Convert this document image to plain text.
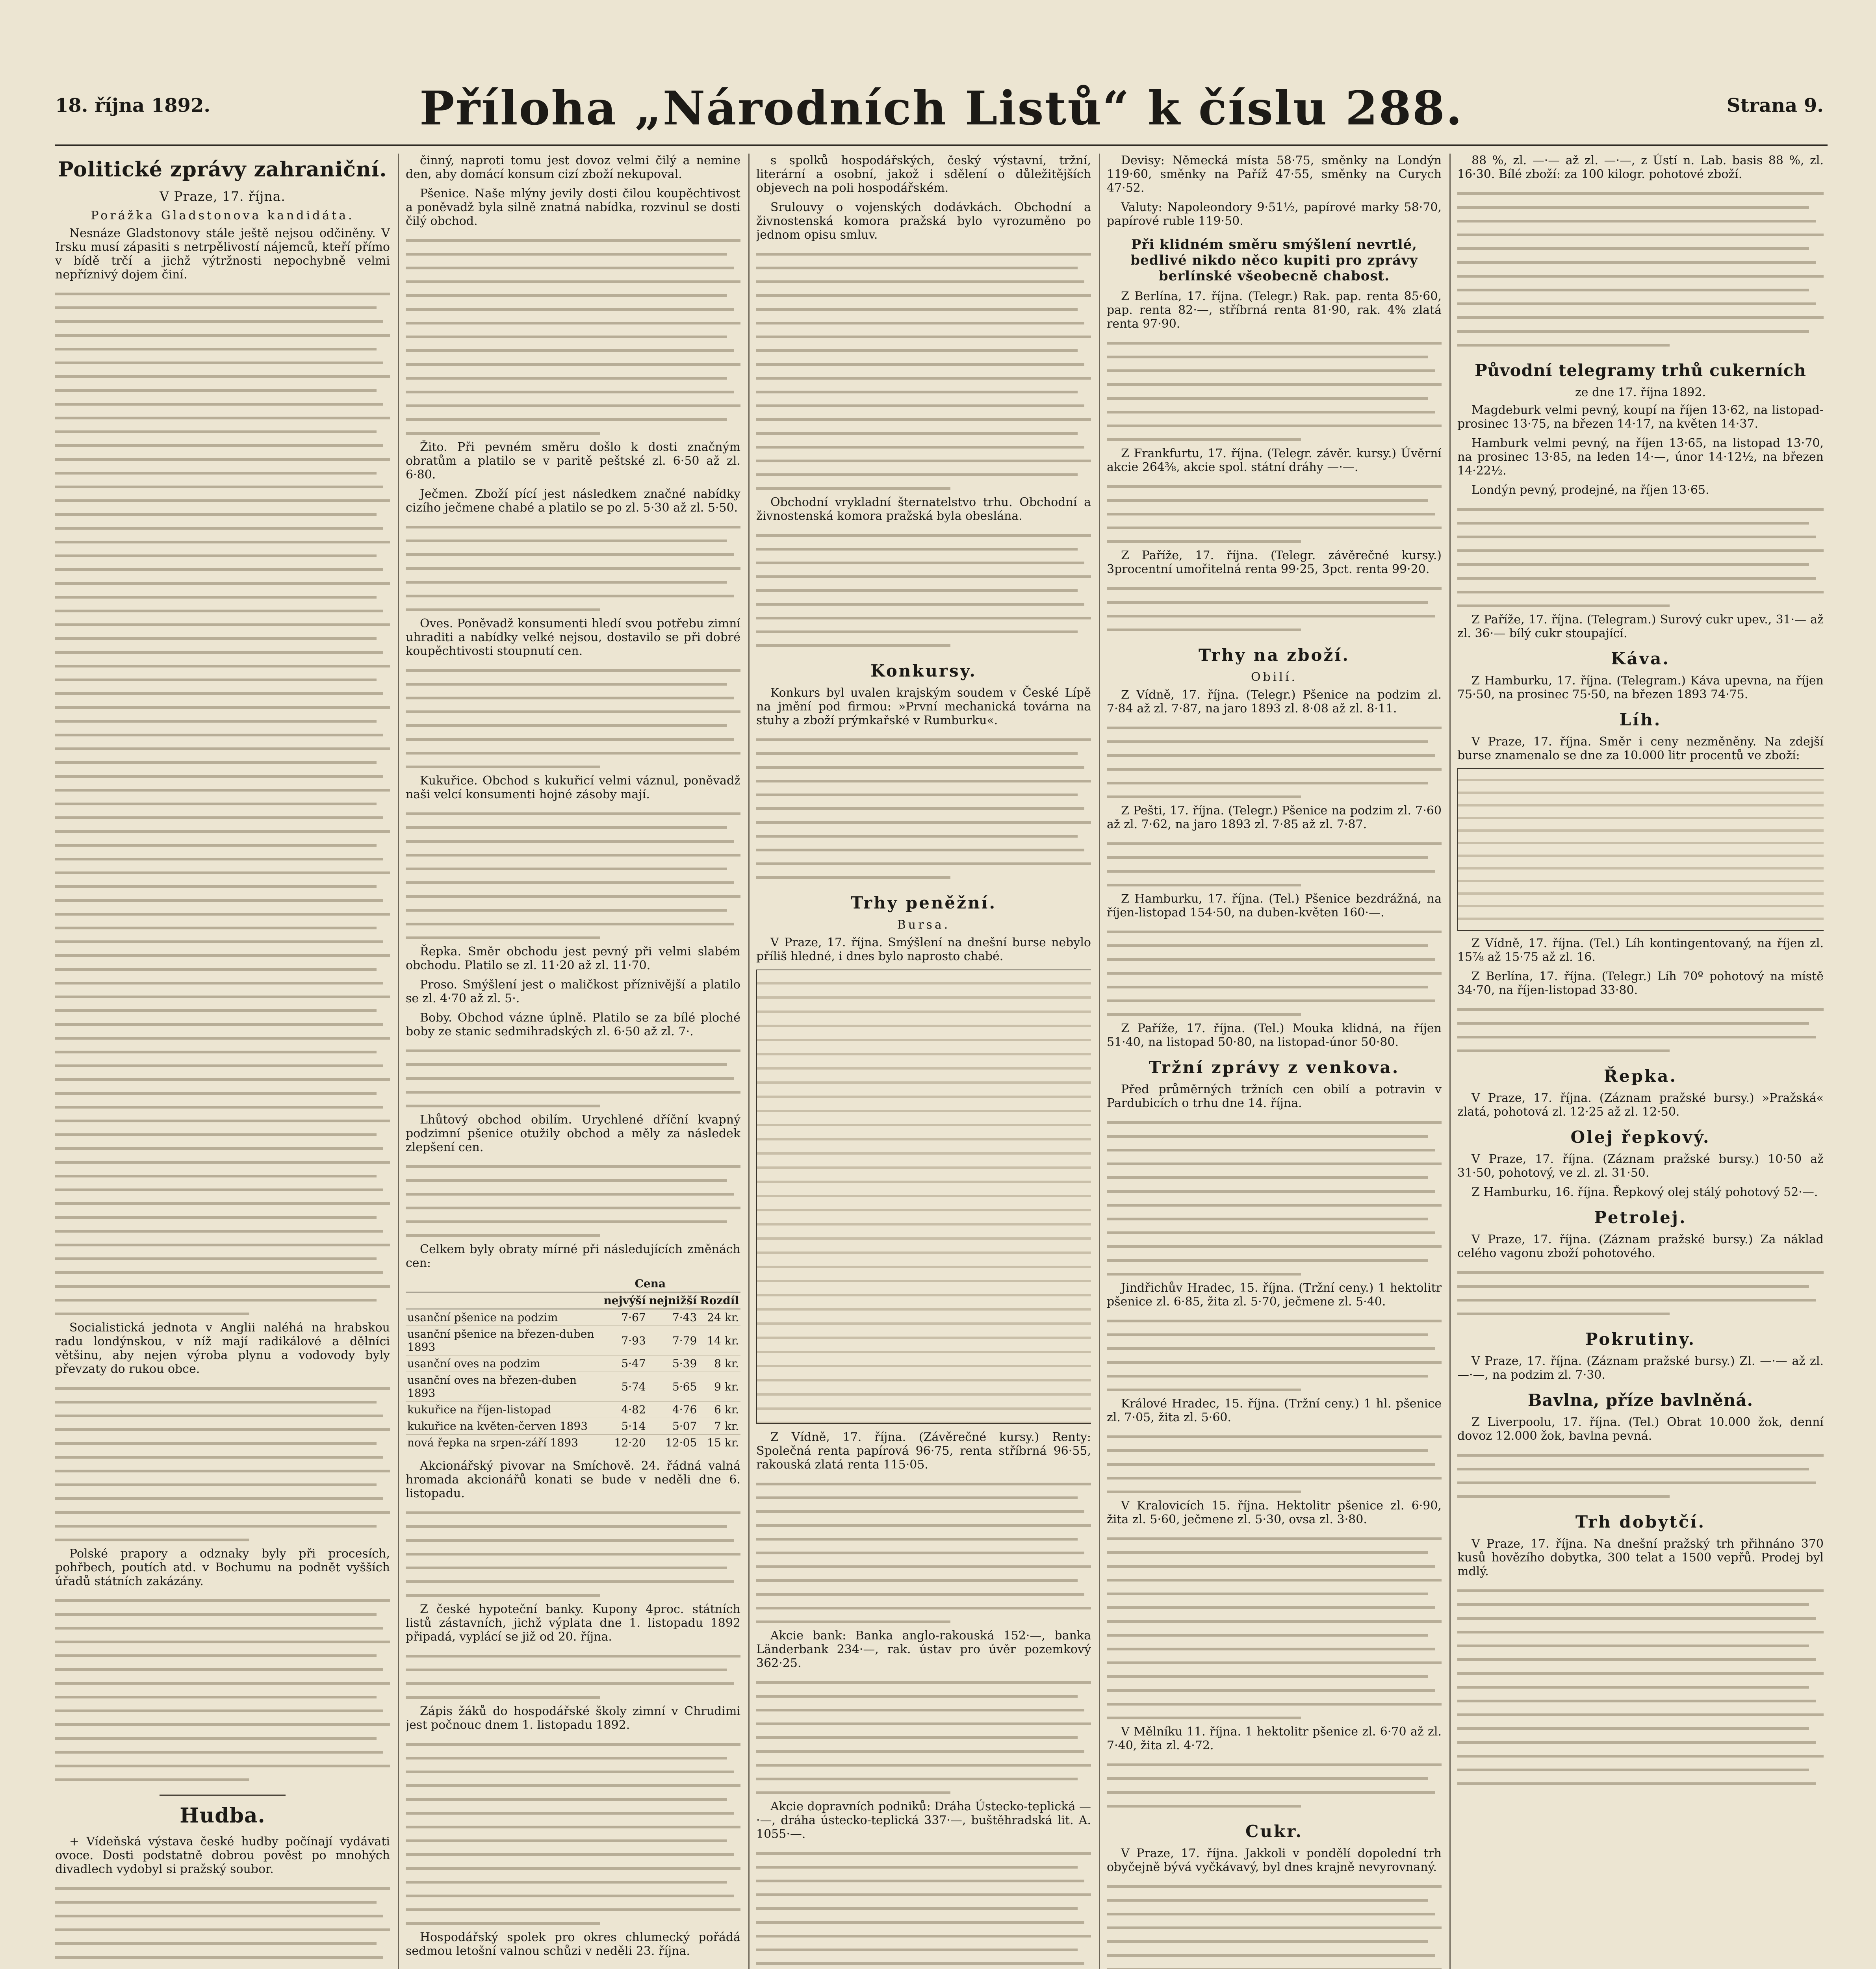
18. října 1892.	Příloha „Národních Listů“ k číslu 288.	Strana 9.
Politické zprávy zahraniční.
V Praze, 17. října.
Porážka Gladstonova kandidáta.

Nesnáze Gladstonovy stále ještě nejsou odčiněny. V Irsku musí zápasiti s netrpělivostí nájemců, kteří přímo v bídě trčí a jichž výtržnosti nepochybně velmi nepříznivý dojem činí.

Socialistická jednota v Anglii naléhá na hrabskou radu londýnskou, v níž mají radikálové a dělníci většinu, aby nejen výroba plynu a vodovody byly převzaty do rukou obce.

Polské prapory a odznaky byly při procesích, pohřbech, poutích atd. v Bochumu na podnět vyšších úřadů státních zakázány.

Hudba.

+ Vídeňská výstava české hudby počínají vydávati ovoce. Dosti podstatně dobrou pověst po mnohých divadlech vydobyl si pražský soubor.

činný, naproti tomu jest dovoz velmi čilý a nemine den, aby domácí konsum cizí zboží nekupoval.

Pšenice. Naše mlýny jevily dosti čilou koupěchtivost a poněvadž byla silně znatná nabídka, rozvinul se dosti čilý obchod.

Žito. Při pevném směru došlo k dosti značným obratům a platilo se v paritě peštské zl. 6·50 až zl. 6·80.

Ječmen. Zboží pící jest následkem značné nabídky cizího ječmene chabé a platilo se po zl. 5·30 až zl. 5·50.

Oves. Poněvadž konsumenti hledí svou potřebu zimní uhraditi a nabídky velké nejsou, dostavilo se při dobré koupěchtivosti stoupnutí cen.

Kukuřice. Obchod s kukuřicí velmi váznul, poněvadž naši velcí konsumenti hojné zásoby mají.

Řepka. Směr obchodu jest pevný při velmi slabém obchodu. Platilo se zl. 11·20 až zl. 11·70.

Proso. Smýšlení jest o maličkost příznivější a platilo se zl. 4·70 až zl. 5·.

Boby. Obchod vázne úplně. Platilo se za bílé ploché boby ze stanic sedmihradských zl. 6·50 až zl. 7·.

Lhůtový obchod obilím. Urychlené dříční kvapný podzimní pšenice otužily obchod a měly za následek zlepšení cen.

Celkem byly obraty mírné při následujících změnách cen:

	Cena		
	nejvýší	nejnižší	Rozdíl
usanční pšenice na podzim	7·67	7·43	24 kr.
usanční pšenice na březen-duben 1893	7·93	7·79	14 kr.
usanční oves na podzim	5·47	5·39	8 kr.
usanční oves na březen-duben 1893	5·74	5·65	9 kr.
kukuřice na říjen-listopad	4·82	4·76	6 kr.
kukuřice na květen-červen 1893	5·14	5·07	7 kr.
nová řepka na srpen-září 1893	12·20	12·05	15 kr.

Akcionářský pivovar na Smíchově. 24. řádná valná hromada akcionářů konati se bude v neděli dne 6. listopadu.

Z české hypoteční banky. Kupony 4proc. státních listů zástavních, jichž výplata dne 1. listopadu 1892 připadá, vyplácí se již od 20. října.

Zápis žáků do hospodářské školy zimní v Chrudimi jest počnouc dnem 1. listopadu 1892.

Hospodářský spolek pro okres chlumecký pořádá sedmou letošní valnou schůzi v neděli 23. října.

s spolků hospodářských, český výstavní, tržní, literární a osobní, jakož i sdělení o důležitějších objevech na poli hospodářském.

Srulouvy o vojenských dodávkách. Obchodní a živnostenská komora pražská bylo vyrozuměno po jednom opisu smluv.

Obchodní vrykladní šternatelstvo trhu. Obchodní a živnostenská komora pražská byla obeslána.

Konkursy.

Konkurs byl uvalen krajským soudem v České Lípě na jmění pod firmou: »První mechanická továrna na stuhy a zboží prýmkařské v Rumburku«.

Trhy peněžní.
Bursa.

V Praze, 17. října. Smýšlení na dnešní burse nebylo příliš hledné, i dnes bylo naprosto chabé.

Z Vídně, 17. října. (Závěrečné kursy.) Renty: Společná renta papírová 96·75, renta stříbrná 96·55, rakouská zlatá renta 115·05.

Akcie bank: Banka anglo-rakouská 152·—, banka Länderbank 234·—, rak. ústav pro úvěr pozemkový 362·25.

Akcie dopravních podniků: Dráha Ústecko-teplická —·—, dráha ústecko-teplická 337·—, buštěhradská lit. A. 1055·—.

Devisy: Německá místa 58·75, směnky na Londýn 119·60, směnky na Paříž 47·55, směnky na Curych 47·52.

Valuty: Napoleondory 9·51½, papírové marky 58·70, papírové ruble 119·50.

Při klidném směru smýšlení nevrtlé, bedlivé nikdo něco kupiti pro zprávy berlínské všeobecně chabost.

Z Berlína, 17. října. (Telegr.) Rak. pap. renta 85·60, pap. renta 82·—, stříbrná renta 81·90, rak. 4% zlatá renta 97·90.

Z Frankfurtu, 17. října. (Telegr. závěr. kursy.) Úvěrní akcie 264⅜, akcie spol. státní dráhy —·—.

Z Paříže, 17. října. (Telegr. závěrečné kursy.) 3procentní umořitelná renta 99·25, 3pct. renta 99·20.

Trhy na zboží.
Obilí.

Z Vídně, 17. října. (Telegr.) Pšenice na podzim zl. 7·84 až zl. 7·87, na jaro 1893 zl. 8·08 až zl. 8·11.

Z Pešti, 17. října. (Telegr.) Pšenice na podzim zl. 7·60 až zl. 7·62, na jaro 1893 zl. 7·85 až zl. 7·87.

Z Hamburku, 17. října. (Tel.) Pšenice bezdrážná, na říjen-listopad 154·50, na duben-květen 160·—.

Z Paříže, 17. října. (Tel.) Mouka klidná, na říjen 51·40, na listopad 50·80, na listopad-únor 50·80.

Tržní zprávy z venkova.

Před průměrných tržních cen obilí a potravin v Pardubicích o trhu dne 14. října.

Jindřichův Hradec, 15. října. (Tržní ceny.) 1 hektolitr pšenice zl. 6·85, žita zl. 5·70, ječmene zl. 5·40.

Králové Hradec, 15. října. (Tržní ceny.) 1 hl. pšenice zl. 7·05, žita zl. 5·60.

V Kralovicích 15. října. Hektolitr pšenice zl. 6·90, žita zl. 5·60, ječmene zl. 5·30, ovsa zl. 3·80.

V Mělníku 11. října. 1 hektolitr pšenice zl. 6·70 až zl. 7·40, žita zl. 4·72.

Cukr.

V Praze, 17. října. Jakkoli v pondělí dopolední trh obyčejně bývá vyčkávavý, byl dnes krajně nevyrovnaný.

88 %, zl. —·— až zl. —·—, z Ústí n. Lab. basis 88 %, zl. 16·30. Bílé zboží: za 100 kilogr. pohotové zboží.

Původní telegramy trhů cukerních
ze dne 17. října 1892.

Magdeburk velmi pevný, koupí na říjen 13·62, na listopad-prosinec 13·75, na březen 14·17, na květen 14·37.

Hamburk velmi pevný, na říjen 13·65, na listopad 13·70, na prosinec 13·85, na leden 14·—, únor 14·12½, na březen 14·22½.

Londýn pevný, prodejné, na říjen 13·65.

Z Paříže, 17. října. (Telegram.) Surový cukr upev., 31·— až zl. 36·— bílý cukr stoupající.

Káva.

Z Hamburku, 17. října. (Telegram.) Káva upevna, na říjen 75·50, na prosinec 75·50, na březen 1893 74·75.

Líh.

V Praze, 17. října. Směr i ceny nezměněny. Na zdejší burse znamenalo se dne za 10.000 litr procentů ve zboží:

Z Vídně, 17. října. (Tel.) Líh kontingentovaný, na říjen zl. 15⅞ až 15·75 až zl. 16.

Z Berlína, 17. října. (Telegr.) Líh 70º pohotový na místě 34·70, na říjen-listopad 33·80.

Řepka.

V Praze, 17. října. (Záznam pražské bursy.) »Pražská« zlatá, pohotová zl. 12·25 až zl. 12·50.

Olej řepkový.

V Praze, 17. října. (Záznam pražské bursy.) 10·50 až 31·50, pohotový, ve zl. zl. 31·50.

Z Hamburku, 16. října. Řepkový olej stálý pohotový 52·—.

Petrolej.

V Praze, 17. října. (Záznam pražské bursy.) Za náklad celého vagonu zboží pohotového.

Pokrutiny.

V Praze, 17. října. (Záznam pražské bursy.) Zl. —·— až zl. —·—, na podzim zl. 7·30.

Bavlna, příze bavlněná.

Z Liverpoolu, 17. října. (Tel.) Obrat 10.000 žok, denní dovoz 12.000 žok, bavlna pevná.

Trh dobytčí.

V Praze, 17. října. Na dnešní pražský trh přihnáno 370 kusů hovězího dobytka, 300 telat a 1500 vepřů. Prodej byl mdlý.
